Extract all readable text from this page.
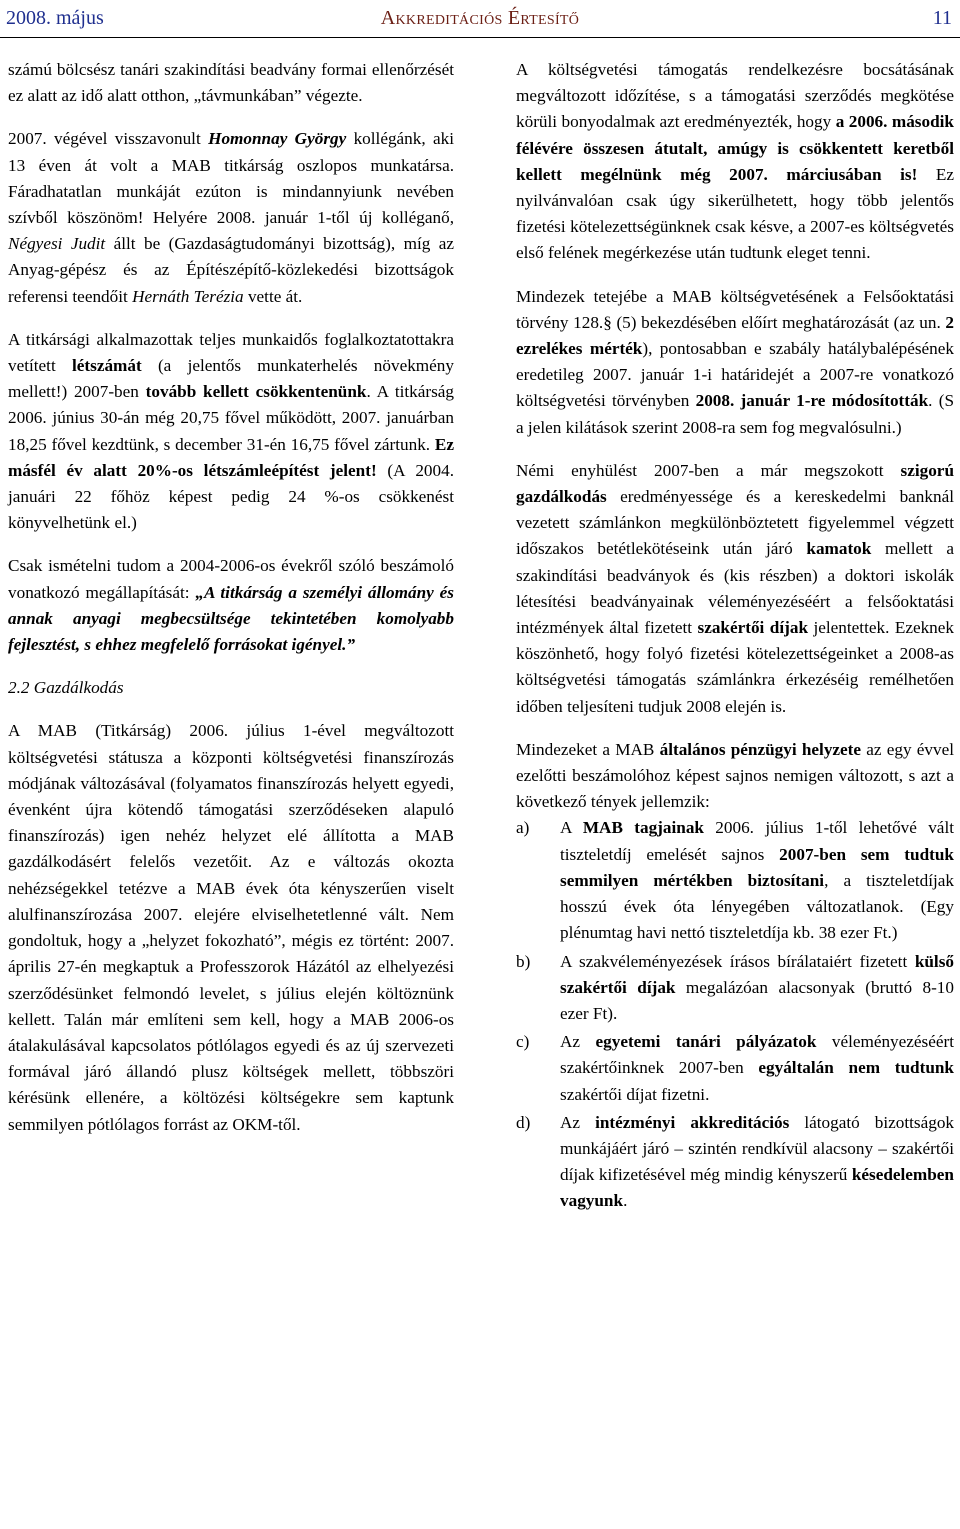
2008. május	Akkreditációs Értesítő	11

számú bölcsész tanári szakindítási beadvány formai ellenőrzését ez alatt az idő alatt otthon, „távmunkában” végezte.

2007. végével visszavonult Homonnay György kollégánk, aki 13 éven át volt a MAB titkárság oszlopos munkatársa. Fáradhatatlan munkáját ezúton is mindannyiunk nevében szívből köszönöm! Helyére 2008. január 1-től új kolléganő, Négyesi Judit állt be (Gazdaságtudományi bizottság), míg az Anyag-gépész és az Építészépítő-közlekedési bizottságok referensi teendőit Hernáth Terézia vette át.

A titkársági alkalmazottak teljes munkaidős foglalkoztatottakra vetített létszámát (a jelentős munkaterhelés növekmény mellett!) 2007-ben tovább kellett csökkentenünk. A titkárság 2006. június 30-án még 20,75 fővel működött, 2007. januárban 18,25 fővel kezdtünk, s december 31-én 16,75 fővel zártunk. Ez másfél év alatt 20%-os létszámleépítést jelent! (A 2004. januári 22 főhöz képest pedig 24 %-os csökkenést könyvelhetünk el.)

Csak ismételni tudom a 2004-2006-os évekről szóló beszámoló vonatkozó megállapítását: „A titkárság a személyi állomány és annak anyagi megbecsültsége tekintetében komolyabb fejlesztést, s ehhez megfelelő forrásokat igényel.”

2.2 Gazdálkodás

A MAB (Titkárság) 2006. július 1-ével megváltozott költségvetési státusza a központi költségvetési finanszírozás módjának változásával (folyamatos finanszírozás helyett egyedi, évenként újra kötendő támogatási szerződéseken alapuló finanszírozás) igen nehéz helyzet elé állította a MAB gazdálkodásért felelős vezetőit. Az e változás okozta nehézségekkel tetézve a MAB évek óta kényszerűen viselt alulfinanszírozása 2007. elejére elviselhetetlenné vált. Nem gondoltuk, hogy a „helyzet fokozható”, mégis ez történt: 2007. április 27-én megkaptuk a Professzorok Házától az elhelyezési szerződésünket felmondó levelet, s július elején költöznünk kellett. Talán már említeni sem kell, hogy a MAB 2006-os átalakulásával kapcsolatos pótlólagos egyedi és az új szervezeti formával járó állandó plusz költségek mellett, többszöri kérésünk ellenére, a költözési költségekre sem kaptunk semmilyen pótlólagos forrást az OKM-től.

A költségvetési támogatás rendelkezésre bocsátásának megváltozott időzítése, s a támogatási szerződés megkötése körüli bonyodalmak azt eredményezték, hogy a 2006. második félévére összesen átutalt, amúgy is csökkentett keretből kellett megélnünk még 2007. márciusában is! Ez nyilvánvalóan csak úgy sikerülhetett, hogy több jelentős fizetési kötelezettségünknek csak késve, a 2007-es költségvetés első felének megérkezése után tudtunk eleget tenni.

Mindezek tetejébe a MAB költségvetésének a Felsőoktatási törvény 128.§ (5) bekezdésében előírt meghatározását (az un. 2 ezrelékes mérték), pontosabban e szabály hatálybalépésének eredetileg 2007. január 1-i határidejét a 2007-re vonatkozó költségvetési törvényben 2008. január 1-re módosították. (S a jelen kilátások szerint 2008-ra sem fog megvalósulni.)

Némi enyhülést 2007-ben a már megszokott szigorú gazdálkodás eredményessége és a kereskedelmi banknál vezetett számlánkon megkülönböztetett figyelemmel végzett időszakos betétlekötéseink után járó kamatok mellett a szakindítási beadványok és (kis részben) a doktori iskolák létesítési beadványainak véleményezéséért a felsőoktatási intézmények által fizetett szakértői díjak jelentettek. Ezeknek köszönhető, hogy folyó fizetési kötelezettségeinket a 2008-as költségvetési támogatás számlánkra érkezéséig remélhetően időben teljesíteni tudjuk 2008 elején is.

Mindezeket a MAB általános pénzügyi helyzete az egy évvel ezelőtti beszámolóhoz képest sajnos nemigen változott, s azt a következő tények jellemzik:

a)	A MAB tagjainak 2006. július 1-től lehetővé vált tiszteletdíj emelését sajnos 2007-ben sem tudtuk semmilyen mértékben biztosítani, a tiszteletdíjak hosszú évek óta lényegében változatlanok. (Egy plénumtag havi nettó tiszteletdíja kb. 38 ezer Ft.)
b)	A szakvéleményezések írásos bírálataiért fizetett külső szakértői díjak megalázóan alacsonyak (bruttó 8-10 ezer Ft).
c)	Az egyetemi tanári pályázatok véleményezéséért szakértőinknek 2007-ben egyáltalán nem tudtunk szakértői díjat fizetni.
d)	Az intézményi akkreditációs látogató bizottságok munkájáért járó – szintén rendkívül alacsony – szakértői díjak kifizetésével még mindig kényszerű késedelemben vagyunk.
